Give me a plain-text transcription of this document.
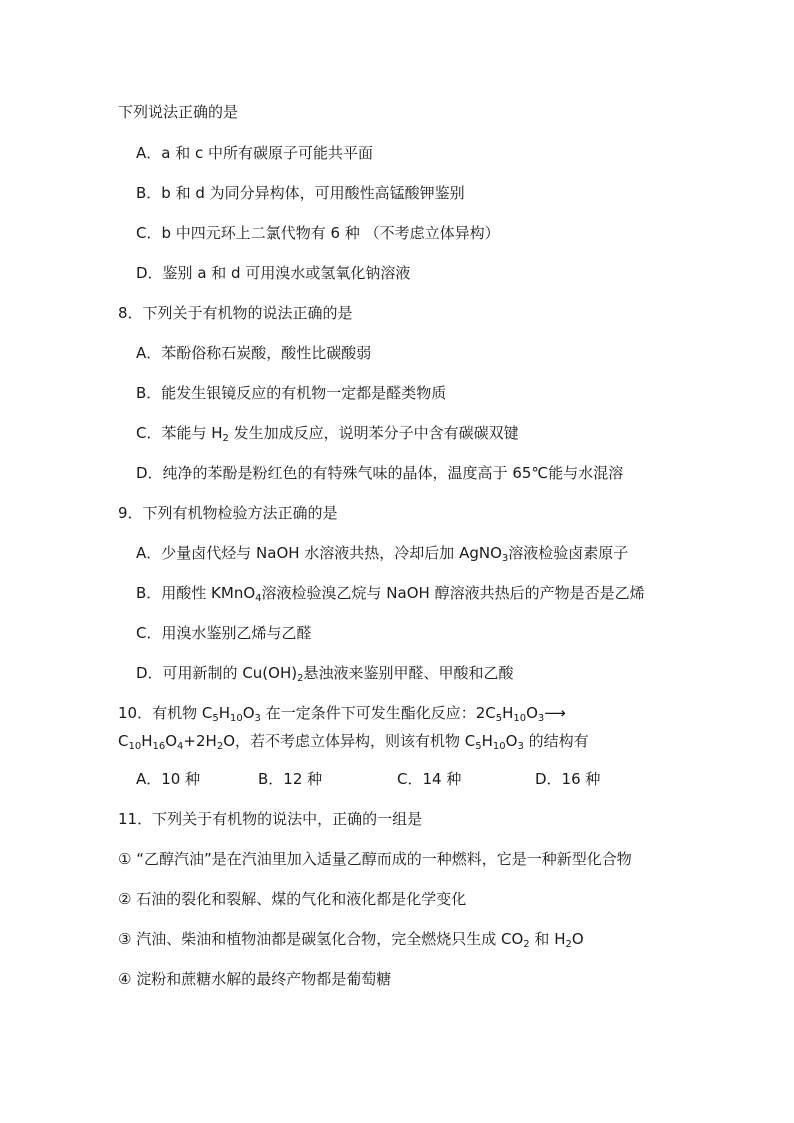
下列说法正确的是
A．a 和 c 中所有碳原子可能共平面
B．b 和 d 为同分异构体，可用酸性高锰酸钾鉴别
C．b 中四元环上二氯代物有 6 种 （不考虑立体异构）
D．鉴别 a 和 d 可用溴水或氢氧化钠溶液
8．下列关于有机物的说法正确的是
A．苯酚俗称石炭酸，酸性比碳酸弱
B．能发生银镜反应的有机物一定都是醛类物质
C．苯能与 $H_2$ 发生加成反应，说明苯分子中含有碳碳双键
D．纯净的苯酚是粉红色的有特殊气味的晶体，温度高于 65℃能与水混溶
9．下列有机物检验方法正确的是
A．少量卤代烃与 NaOH 水溶液共热，冷却后加 AgNO$_3$溶液检验卤素原子
B．用酸性 KMnO$_4$溶液检验溴乙烷与 NaOH 醇溶液共热后的产物是否是乙烯
C．用溴水鉴别乙烯与乙醛
D．可用新制的 $Cu(OH)_2$悬浊液来鉴别甲醛、甲酸和乙酸
10．有机物 $C_5H_{10}O_3$ 在一定条件下可发生酯化反应：$2C_5H_{10}O_3⟶$
$C_{10}H_{16}O_4+2H_2O$，若不考虑立体异构，则该有机物 $C_5H_{10}O_3$ 的结构有
A．10 种	B．12 种	C．14 种	D．16 种
11．下列关于有机物的说法中，正确的一组是
① “乙醇汽油”是在汽油里加入适量乙醇而成的一种燃料，它是一种新型化合物
② 石油的裂化和裂解、煤的气化和液化都是化学变化
③ 汽油、柴油和植物油都是碳氢化合物，完全燃烧只生成 $CO_2$ 和 $H_2O$
④ 淀粉和蔗糖水解的最终产物都是葡萄糖
